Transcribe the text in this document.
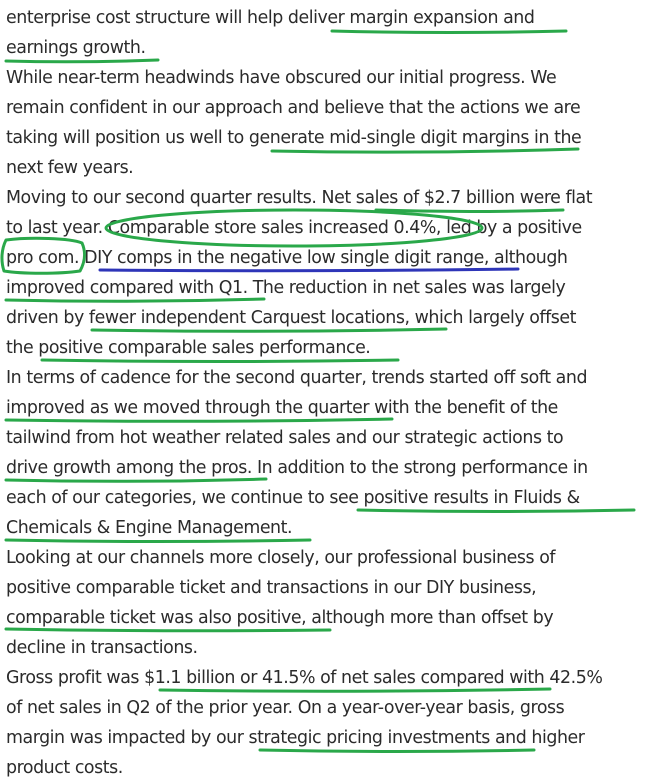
enterprise cost structure will help deliver margin expansion and
earnings growth.
While near-term headwinds have obscured our initial progress. We
remain confident in our approach and believe that the actions we are
taking will position us well to generate mid-single digit margins in the
next few years.
Moving to our second quarter results. Net sales of $2.7 billion were flat
to last year. Comparable store sales increased 0.4%, led by a positive
pro com. DIY comps in the negative low single digit range, although
improved compared with Q1. The reduction in net sales was largely
driven by fewer independent Carquest locations, which largely offset
the positive comparable sales performance.
In terms of cadence for the second quarter, trends started off soft and
improved as we moved through the quarter with the benefit of the
tailwind from hot weather related sales and our strategic actions to
drive growth among the pros. In addition to the strong performance in
each of our categories, we continue to see positive results in Fluids &
Chemicals & Engine Management.
Looking at our channels more closely, our professional business of
positive comparable ticket and transactions in our DIY business,
comparable ticket was also positive, although more than offset by
decline in transactions.
Gross profit was $1.1 billion or 41.5% of net sales compared with 42.5%
of net sales in Q2 of the prior year. On a year-over-year basis, gross
margin was impacted by our strategic pricing investments and higher
product costs.
